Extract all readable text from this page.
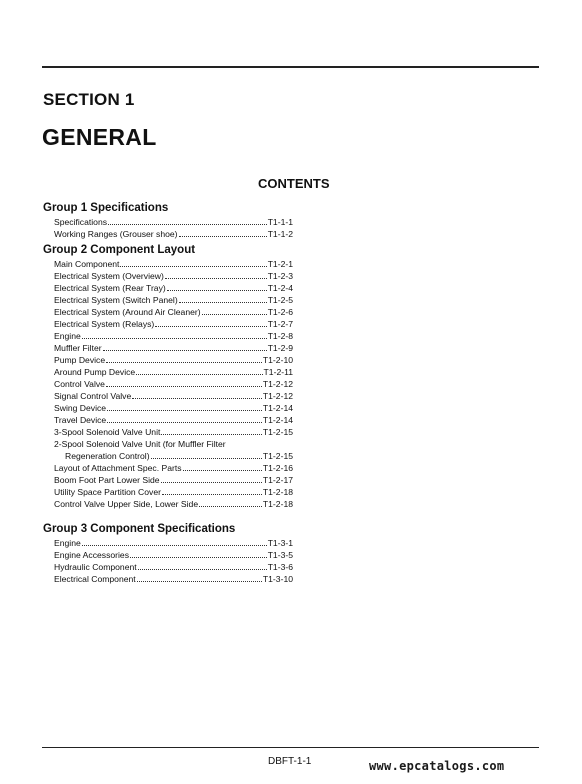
SECTION 1
GENERAL
CONTENTS
Group 1 Specifications
Specifications	T1-1-1
Working Ranges (Grouser shoe)	T1-1-2
Group 2 Component Layout
Main Component	T1-2-1
Electrical System (Overview)	T1-2-3
Electrical System (Rear Tray)	T1-2-4
Electrical System (Switch Panel)	T1-2-5
Electrical System (Around Air Cleaner)	T1-2-6
Electrical System (Relays)	T1-2-7
Engine	T1-2-8
Muffler Filter	T1-2-9
Pump Device	T1-2-10
Around Pump Device	T1-2-11
Control Valve	T1-2-12
Signal Control Valve	T1-2-12
Swing Device	T1-2-14
Travel Device	T1-2-14
3-Spool Solenoid Valve Unit	T1-2-15
2-Spool Solenoid Valve Unit (for Muffler Filter
Regeneration Control)	T1-2-15
Layout of Attachment Spec. Parts	T1-2-16
Boom Foot Part Lower Side	T1-2-17
Utility Space Partition Cover	T1-2-18
Control Valve Upper Side, Lower Side	T1-2-18
Group 3 Component Specifications
Engine	T1-3-1
Engine Accessories	T1-3-5
Hydraulic Component	T1-3-6
Electrical Component	T1-3-10
DBFT-1-1	www.epcatalogs.com
